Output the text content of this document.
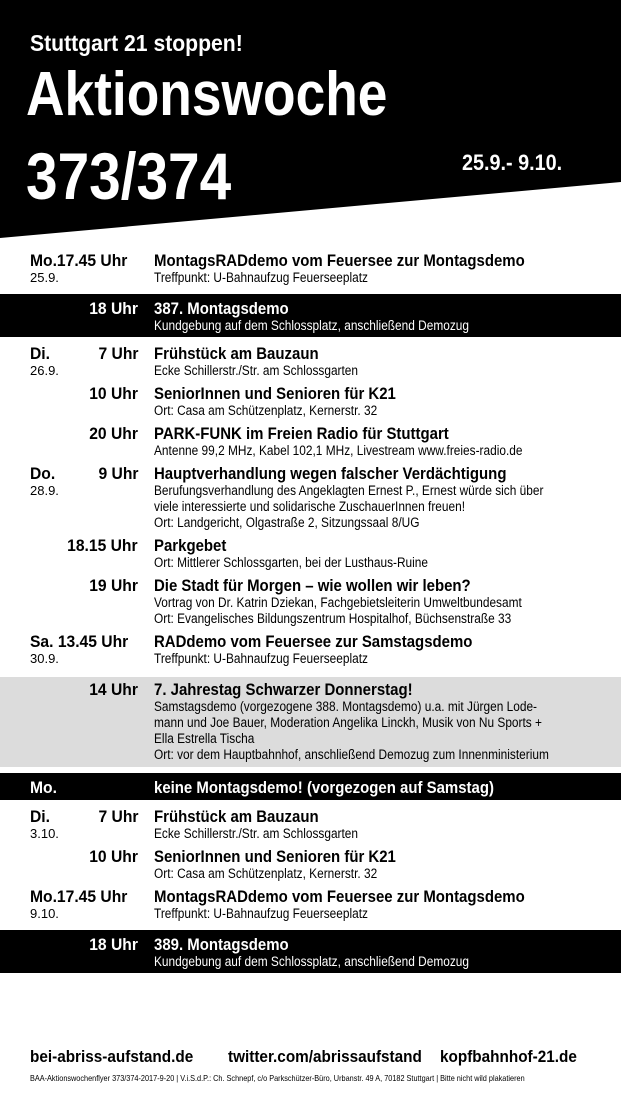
Stuttgart 21 stoppen!
Aktionswoche
373/374	25.9.- 9.10.
Mo.17.45 Uhr
25.9.
MontagsRADdemo vom Feuersee zur Montagsdemo
Treffpunkt: U-Bahnaufzug Feuerseeplatz
18 Uhr 387. Montagsdemo
Kundgebung auf dem Schlossplatz, anschließend Demozug
Di.
26.9.
7 Uhr Frühstück am Bauzaun
Ecke Schillerstr./Str. am Schlossgarten
10 Uhr SeniorInnen und Senioren für K21
Ort: Casa am Schützenplatz, Kernerstr. 32
20 Uhr PARK-FUNK im Freien Radio für Stuttgart
Antenne 99,2 MHz, Kabel 102,1 MHz, Livestream www.freies-radio.de
Do.
28.9.
9 Uhr Hauptverhandlung wegen falscher Verdächtigung
Berufungsverhandlung des Angeklagten Ernest P., Ernest würde sich über
viele interessierte und solidarische ZuschauerInnen freuen!
Ort: Landgericht, Olgastraße 2, Sitzungssaal 8/UG
18.15 Uhr Parkgebet
Ort: Mittlerer Schlossgarten, bei der Lusthaus-Ruine
19 Uhr Die Stadt für Morgen – wie wollen wir leben?
Vortrag von Dr. Katrin Dziekan, Fachgebietsleiterin Umweltbundesamt
Ort: Evangelisches Bildungszentrum Hospitalhof, Büchsenstraße 33
Sa. 13.45 Uhr
30.9.
RADdemo vom Feuersee zur Samstagsdemo
Treffpunkt: U-Bahnaufzug Feuerseeplatz
14 Uhr 7. Jahrestag Schwarzer Donnerstag!
Samstagsdemo (vorgezogene 388. Montagsdemo) u.a. mit Jürgen Lode-
mann und Joe Bauer, Moderation Angelika Linckh, Musik von Nu Sports +
Ella Estrella Tischa
Ort: vor dem Hauptbahnhof, anschließend Demozug zum Innenministerium
Mo.
2.10.
keine Montagsdemo! (vorgezogen auf Samstag)
Di.
3.10.
7 Uhr Frühstück am Bauzaun
Ecke Schillerstr./Str. am Schlossgarten
10 Uhr SeniorInnen und Senioren für K21
Ort: Casa am Schützenplatz, Kernerstr. 32
Mo.17.45 Uhr
9.10.
MontagsRADdemo vom Feuersee zur Montagsdemo
Treffpunkt: U-Bahnaufzug Feuerseeplatz
18 Uhr 389. Montagsdemo
Kundgebung auf dem Schlossplatz, anschließend Demozug
bei-abriss-aufstand.de twitter.com/abrissaufstand kopfbahnhof-21.de
BAA-Aktionswochenflyer 373/374-2017-9-20 | V.i.S.d.P.: Ch. Schnepf, c/o Parkschützer-Büro, Urbanstr. 49 A, 70182 Stuttgart | Bitte nicht wild plakatieren
